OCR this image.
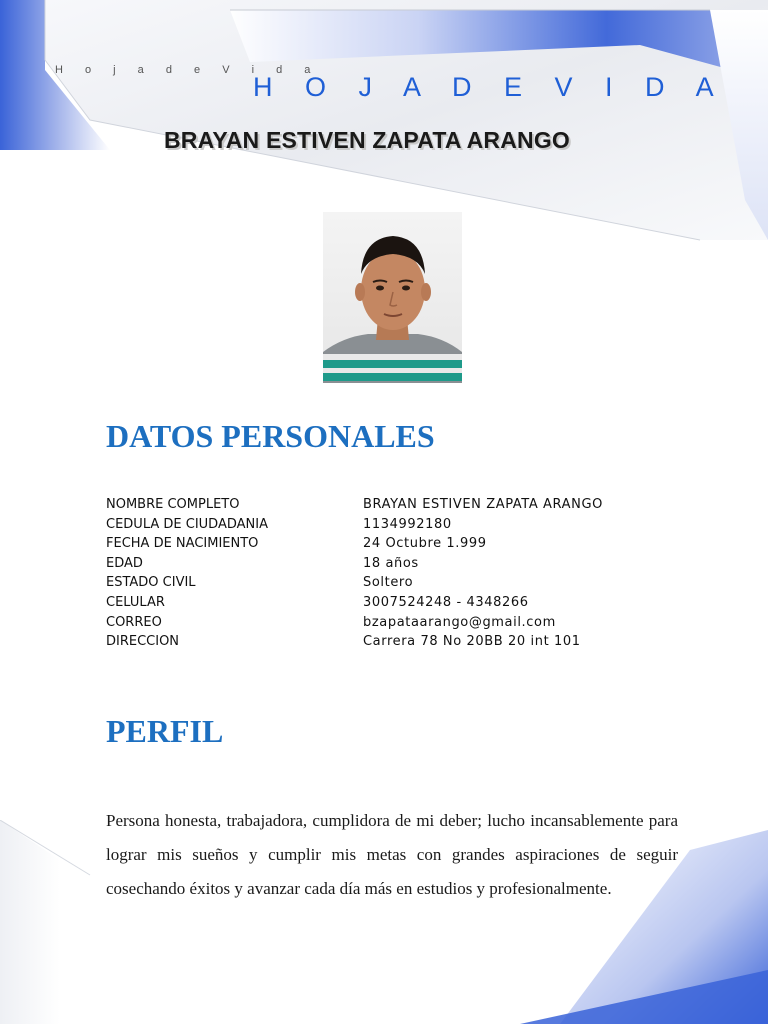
H o j a d e V i d a
H O J A D E V I D A
BRAYAN ESTIVEN ZAPATA ARANGO
DATOS PERSONALES
NOMBRE COMPLETO	BRAYAN ESTIVEN ZAPATA ARANGO
CEDULA DE CIUDADANIA	1134992180
FECHA DE NACIMIENTO	24 Octubre 1.999
EDAD	18 años
ESTADO CIVIL	Soltero
CELULAR	3007524248 - 4348266
CORREO	bzapataarango@gmail.com
DIRECCION	Carrera 78 No 20BB 20 int 101
PERFIL

Persona honesta, trabajadora, cumplidora de mi deber; lucho incansablemente para lograr mis sueños y cumplir mis metas con grandes aspiraciones de seguir cosechando éxitos y avanzar cada día más en estudios y profesionalmente.
